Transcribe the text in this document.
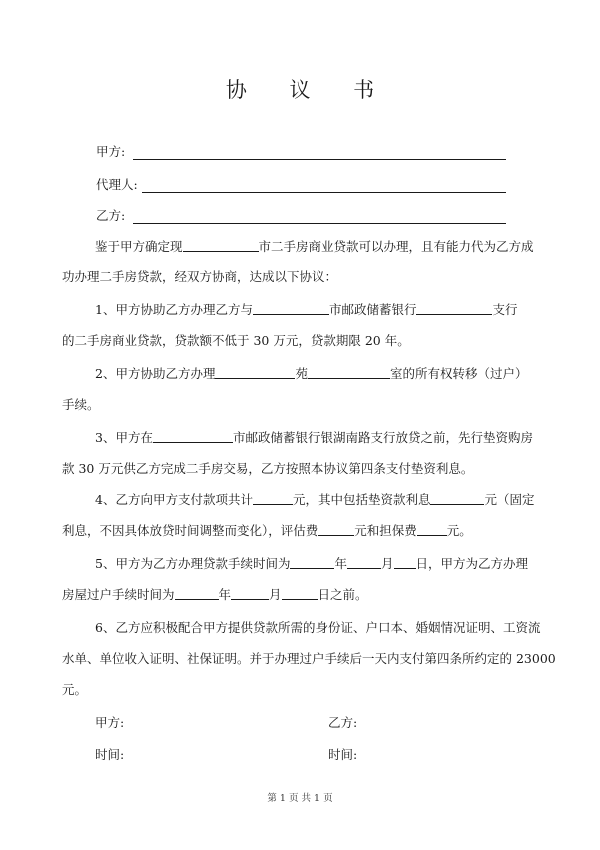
协 议 书
甲方:
代理人:
乙方:
鉴于甲方确定现	市二手房商业贷款可以办理，且有能力代为乙方成
功办理二手房贷款，经双方协商，达成以下协议：
1、甲方协助乙方办理乙方与	市邮政储蓄银行	支行
的二手房商业贷款，贷款额不低于 30 万元，贷款期限 20 年。
2、甲方协助乙方办理	苑	室的所有权转移（过户）
手续。
3、甲方在	市邮政储蓄银行银湖南路支行放贷之前，先行垫资购房
款 30 万元供乙方完成二手房交易，乙方按照本协议第四条支付垫资利息。
4、乙方向甲方支付款项共计	元，其中包括垫资款利息	元（固定
利息，不因具体放贷时间调整而变化），评估费	元和担保费 元。
5、甲方为乙方办理贷款手续时间为	年	月 日，甲方为乙方办理
房屋过户手续时间为	年	月	日之前。
6、乙方应积极配合甲方提供贷款所需的身份证、户口本、婚姻情况证明、工资流
水单、单位收入证明、社保证明。并于办理过户手续后一天内支付第四条所约定的 23000
元。
甲方:	乙方:
时间:	时间:
第 1 页 共 1 页
